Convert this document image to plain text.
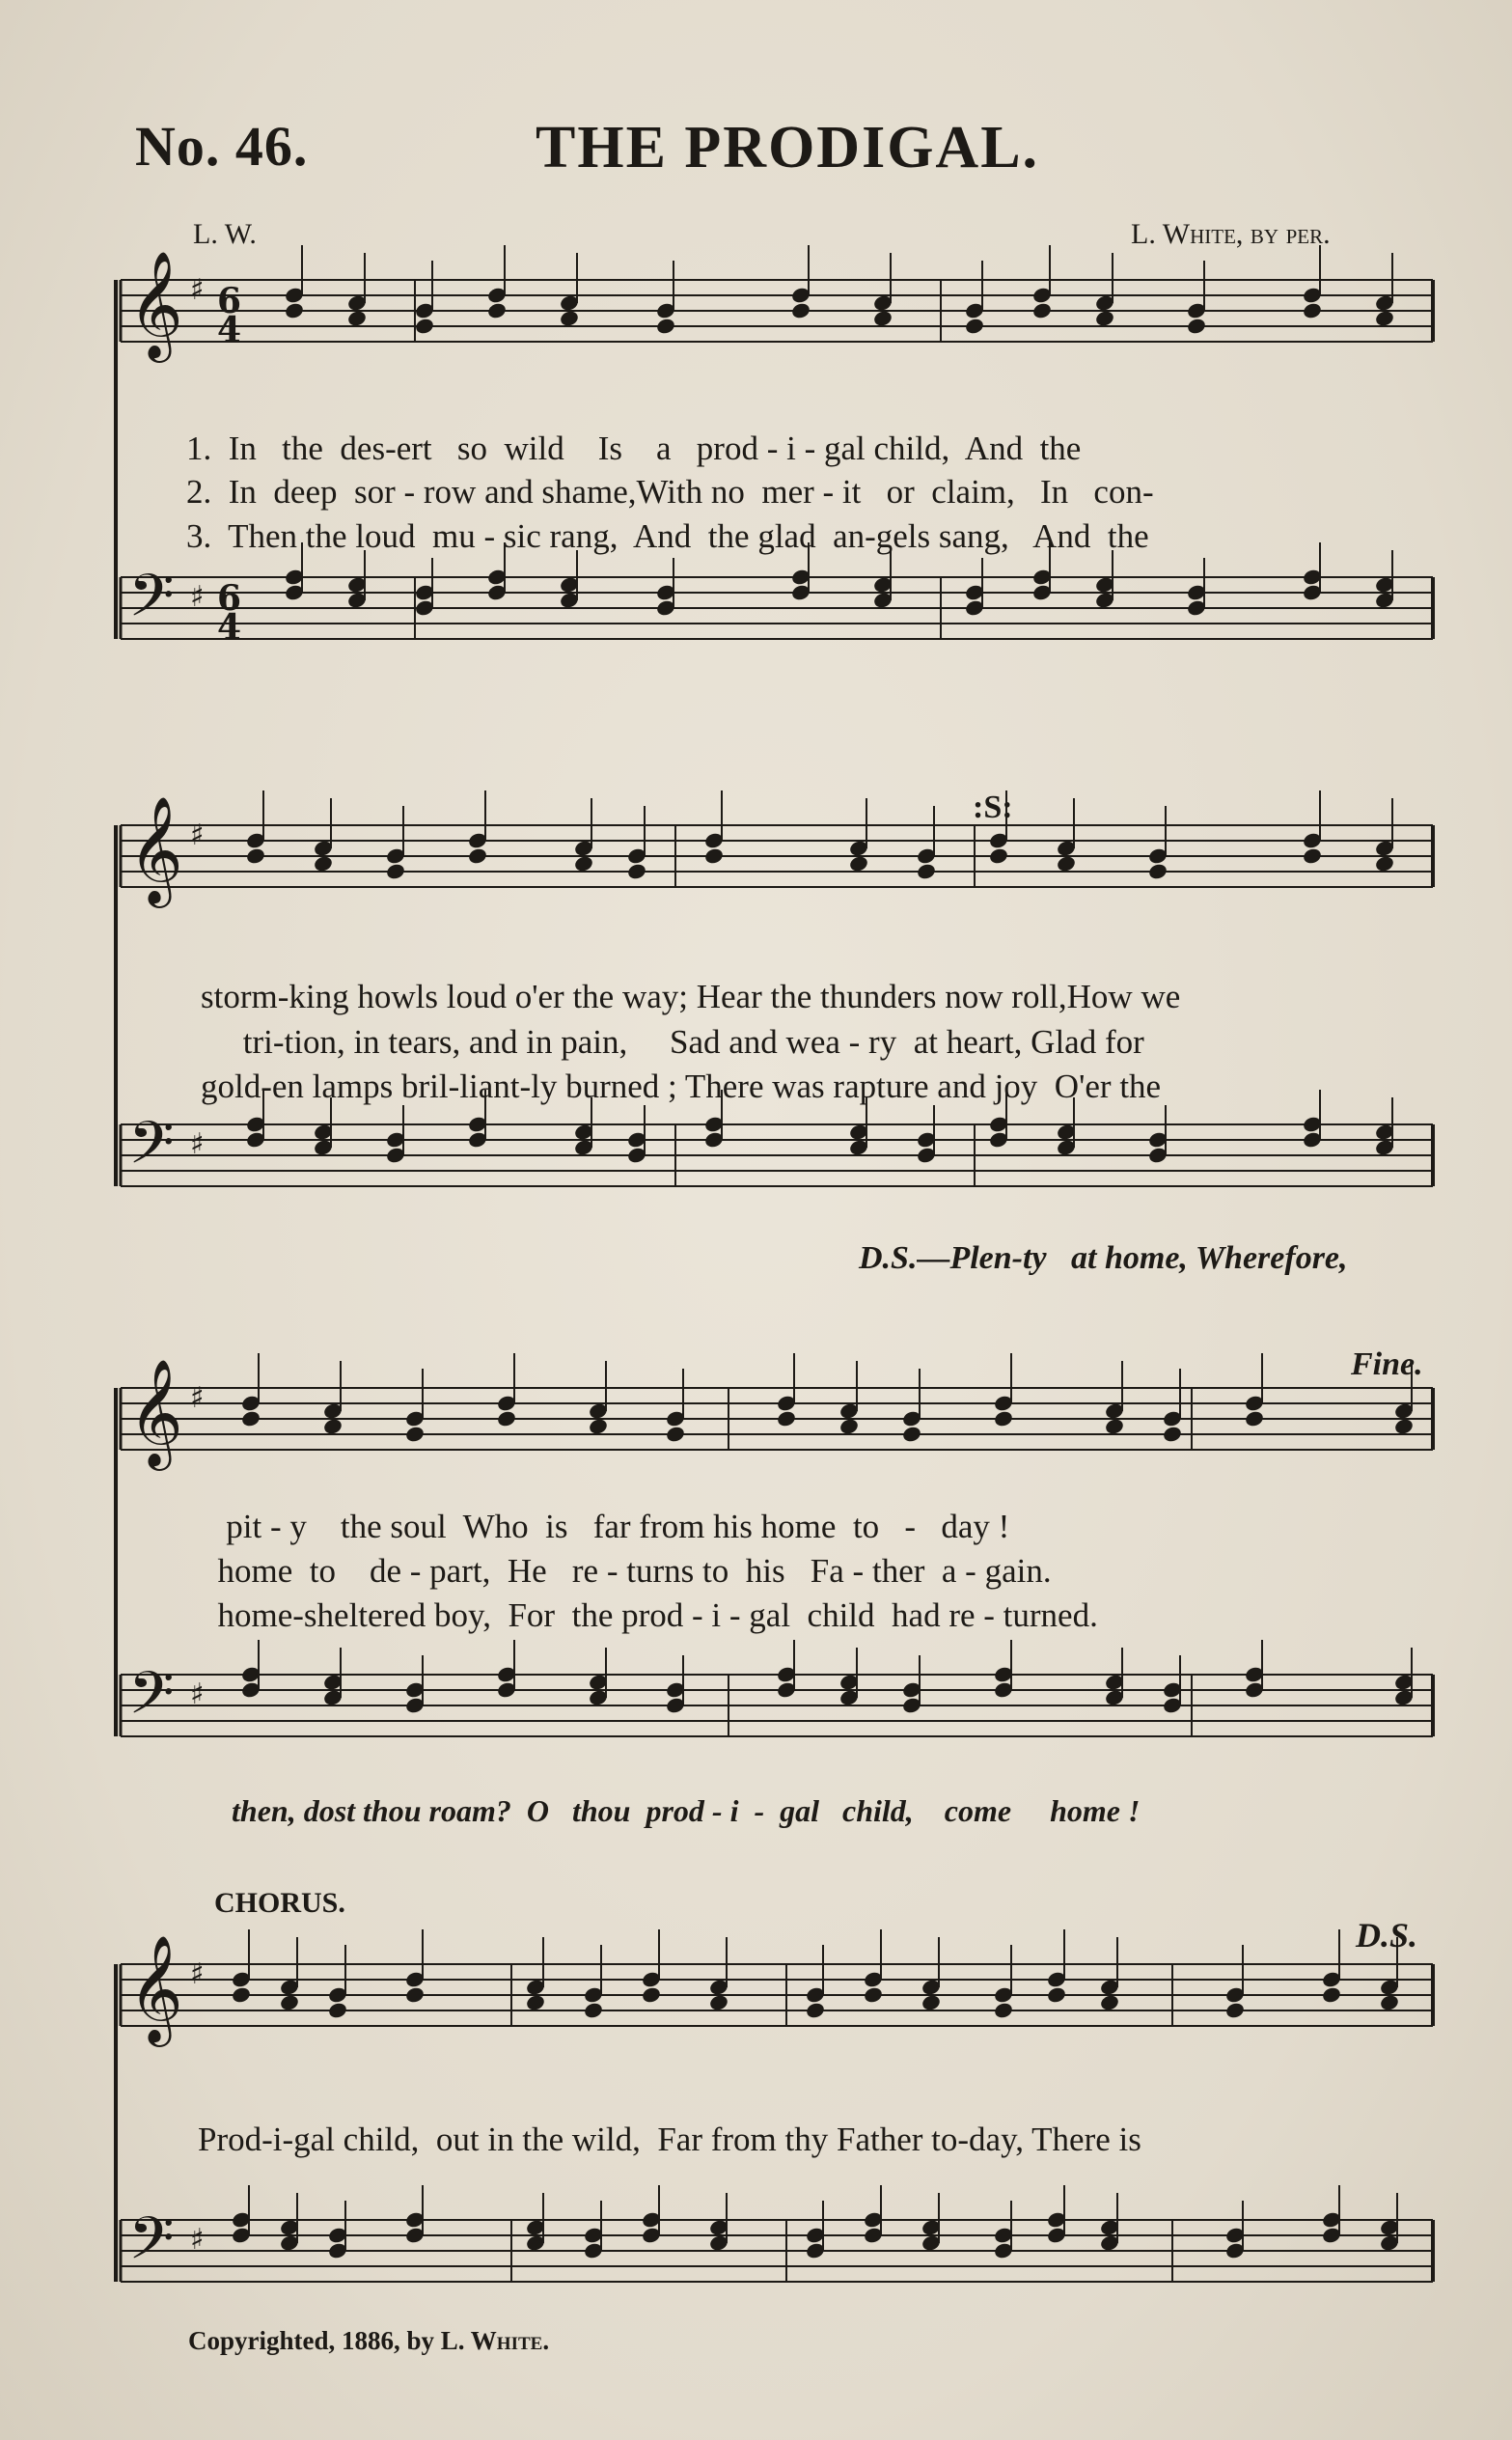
No. 46.	THE PRODIGAL.
L. W.	L. White, by per.
𝄞 ♯ 6
4
𝄢 ♯ 6
4
𝄞 ♯
𝄢 ♯
𝄞 ♯
𝄢 ♯
𝄞 ♯
𝄢 ♯
1.  In   the  des-ert   so  wild    Is    a   prod - i - gal child,  And  the
2.  In  deep  sor - row and shame,With no  mer - it   or  claim,   In   con-
3.  Then the loud  mu - sic rang,  And  the glad  an-gels sang,   And  the
:S:
storm-king howls loud o'er the way; Hear the thunders now roll,How we
tri-tion, in tears, and in pain,     Sad and wea - ry  at heart, Glad for
gold-en lamps bril-liant-ly burned ; There was rapture and joy  O'er the
D.S.—Plen-ty   at home, Wherefore,
Fine.
pit - y    the soul  Who  is   far from his home  to   -   day !
home  to    de - part,  He   re - turns to  his   Fa - ther  a - gain.
home-sheltered boy,  For  the prod - i - gal  child  had re - turned.
then, dost thou roam?  O   thou  prod - i  -  gal   child,    come     home !
CHORUS.
D.S.
Prod-i-gal child,  out in the wild,  Far from thy Father to-day, There is
Copyrighted, 1886, by L. White.
